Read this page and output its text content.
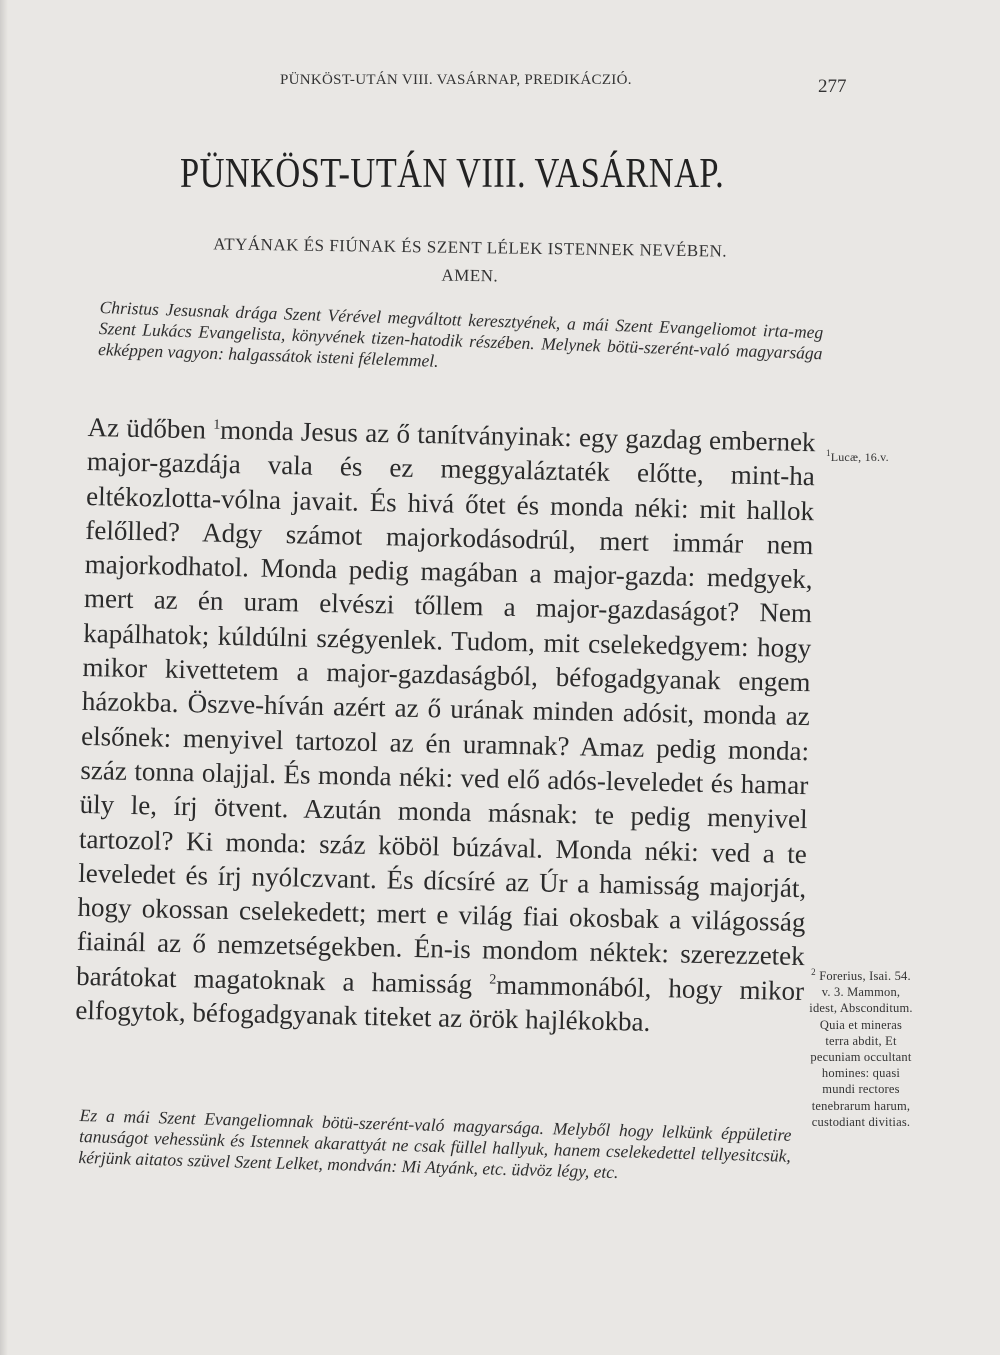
PÜNKÖST-UTÁN VIII. VASÁRNAP, PREDIKÁCZIÓ.	277
PÜNKÖST-UTÁN VIII. VASÁRNAP.
ATYÁNAK ÉS FIÚNAK ÉS SZENT LÉLEK ISTENNEK NEVÉBEN.
AMEN.
Christus Jesusnak drága Szent Vérével megváltott keresztyének, a mái Szent Evangeliomot irta-meg Szent Lukács Evangelista, könyvének tizen-hatodik részében. Melynek bötü-szerént-való magyarsága ekképpen vagyon: halgassátok isteni félelemmel.
Az üdőben $^1$monda Jesus az ő tanítványinak: egy gazdag embernek major-gazdája vala és ez meggyaláztaték előtte, mint-ha eltékozlotta-vólna javait. És hivá őtet és monda néki: mit hallok felőlled? Adgy számot majorkodásodrúl, mert immár nem majorkodhatol. Monda pedig magában a major-gazda: medgyek, mert az én uram elvészi tőllem a major-gazdaságot? Nem kapálhatok; kúldúlni szégyenlek. Tudom, mit cselekedgyem: hogy mikor kivettetem a major-gazdaságból, béfogadgyanak engem házokba. Öszve-híván azért az ő urának minden adósit, monda az elsőnek: menyivel tartozol az én uramnak? Amaz pedig monda: száz tonna olajjal. És monda néki: ved elő adós-leveledet és hamar üly le, írj ötvent. Azután monda másnak: te pedig menyivel tartozol? Ki monda: száz köböl búzával. Monda néki: ved a te leveledet és írj nyólczvant. És dícsíré az Úr a hamisság majorját, hogy okossan cselekedett; mert e világ fiai okosbak a világosság fiainál az ő nemzetségekben. Én-is mondom néktek: szerezzetek barátokat magatoknak a hamisság $^2$mammonából, hogy mikor elfogytok, béfogadgyanak titeket az örök hajlékokba.
Ez a mái Szent Evangeliomnak bötü-szerént-való magyarsága. Melyből hogy lelkünk éppületire tanuságot vehessünk és Istennek akarattyát ne csak füllel hallyuk, hanem cselekedettel tellyesitcsük, kérjünk aitatos szüvel Szent Lelket, mondván: Mi Atyánk, etc. üdvöz légy, etc.
$^1$Lucæ, 16.v.
$^2$ Forerius, Isai. 54. v. 3. Mammon, idest, Absconditum. Quia et mineras terra abdit, Et pecuniam occultant homines: quasi mundi rectores tenebrarum harum, custodiant divitias.
